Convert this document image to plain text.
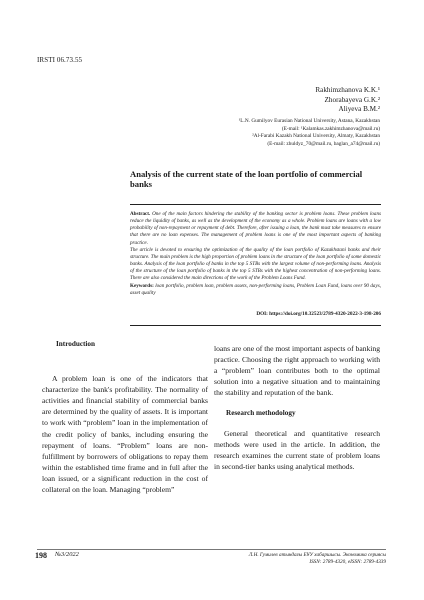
IRSTI 06.73.55
Rakhimzhanova K.K.¹
Zhorabayeva G.K.²
Aliyeva B.M.²
¹L.N. Gumilyov Eurasian National University, Astana, Kazakhstan
(E-mail: ¹Kalamkas.zakhimzhanova@mail.ru)
²Al-Farabi Kazakh National University, Almaty, Kazakhstan
(E-mail: zhuldyz_70@mail.ru, baglan_a74@mail.ru)
Analysis of the current state of the loan portfolio of commercial banks

Abstract. One of the main factors hindering the stability of the banking sector is problem loans. These problem loans reduce the liquidity of banks, as well as the development of the economy as a whole. Problem loans are loans with a low probability of non-repayment or repayment of debt. Therefore, after issuing a loan, the bank must take measures to ensure that there are no loan expenses. The management of problem loans is one of the most important aspects of banking practice.

The article is devoted to ensuring the optimization of the quality of the loan portfolio of Kazakhstani banks and their structure. The main problem is the high proportion of problem loans in the structure of the loan portfolio of some domestic banks. Analysis of the loan portfolio of banks in the top 5 STBs with the largest volume of non-performing loans. Analysis of the structure of the loan portfolio of banks in the top 5 STBs with the highest concentration of non-performing loans. There are also considered the main directions of the work of the Problem Loans Fund.

Keywords: loan portfolio, problem loan, problem assets, non-performing loans, Problem Loan Fund, loans over 90 days, asset quality

DOI: https://doi.org/10.32523/2789-4320-2022-3-198-206
Introduction

A problem loan is one of the indicators that characterize the bank's profitability. The normality of activities and financial stability of commercial banks are determined by the quality of assets. It is important to work with “problem” loan in the implementation of the credit policy of banks, including ensuring the repayment of loans. “Problem” loans are non-fulfillment by borrowers of obligations to repay them within the established time frame and in full after the loan issued, or a significant reduction in the cost of collateral on the loan. Managing “problem”

loans are one of the most important aspects of banking practice. Choosing the right approach to working with a “problem” loan contributes both to the optimal solution into a negative situation and to maintaining the stability and reputation of the bank.

Research methodology

General theoretical and quantitative research methods were used in the article. In addition, the research examines the current state of problem loans in second-tier banks using analytical methods.

198 №3/2022	Л.Н. Гумилев атындағы ЕҰУ хабаршысы. Экономика сериясы
ISSN: 2789-4320, eISSN: 2789-4339
